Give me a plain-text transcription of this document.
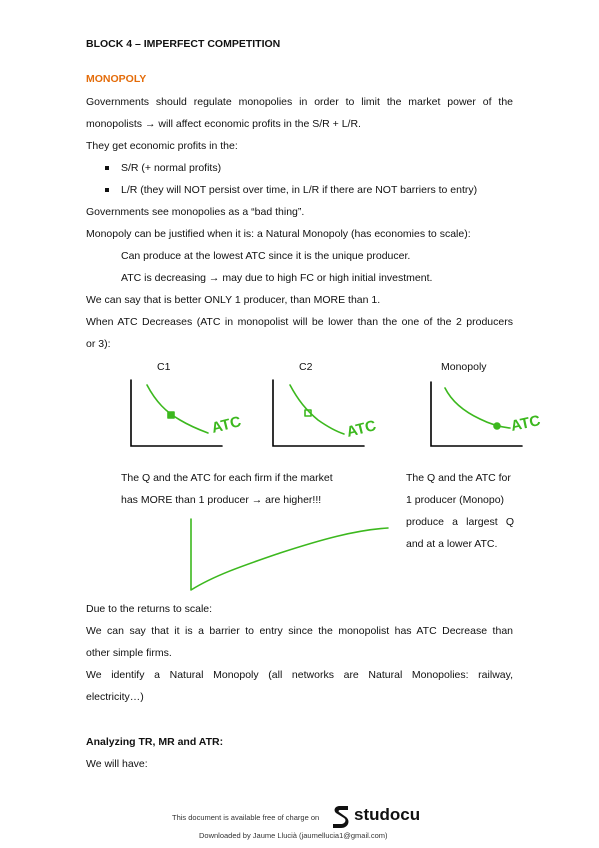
BLOCK 4 – IMPERFECT COMPETITION
MONOPOLY
Governments should regulate monopolies in order to limit the market power of the
monopolists → will affect economic profits in the S/R + L/R.
They get economic profits in the:
S/R (+ normal profits)
L/R (they will NOT persist over time, in L/R if there are NOT barriers to entry)
Governments see monopolies as a “bad thing”.
Monopoly can be justified when it is: a Natural Monopoly (has economies to scale):
Can produce at the lowest ATC since it is the unique producer.
ATC is decreasing → may due to high FC or high initial investment.
We can say that is better ONLY 1 producer, than MORE than 1.
When ATC Decreases (ATC in monopolist will be lower than the one of the 2 producers
or 3):
C1	C2	Monopoly
ATC	ATC	ATC
The Q and the ATC for each firm if the market
has MORE than 1 producer → are higher!!!
The Q and the ATC for
1 producer (Monopo)
produce a largest Q
and at a lower ATC.
Due to the returns to scale:
We can say that it is a barrier to entry since the monopolist has ATC Decrease than
other simple firms.
We identify a Natural Monopoly (all networks are Natural Monopolies: railway,
electricity…)
Analyzing TR, MR and ATR:
We will have:
This document is available free of charge on studocu
Downloaded by Jaume Llucià (jaumellucia1@gmail.com)
